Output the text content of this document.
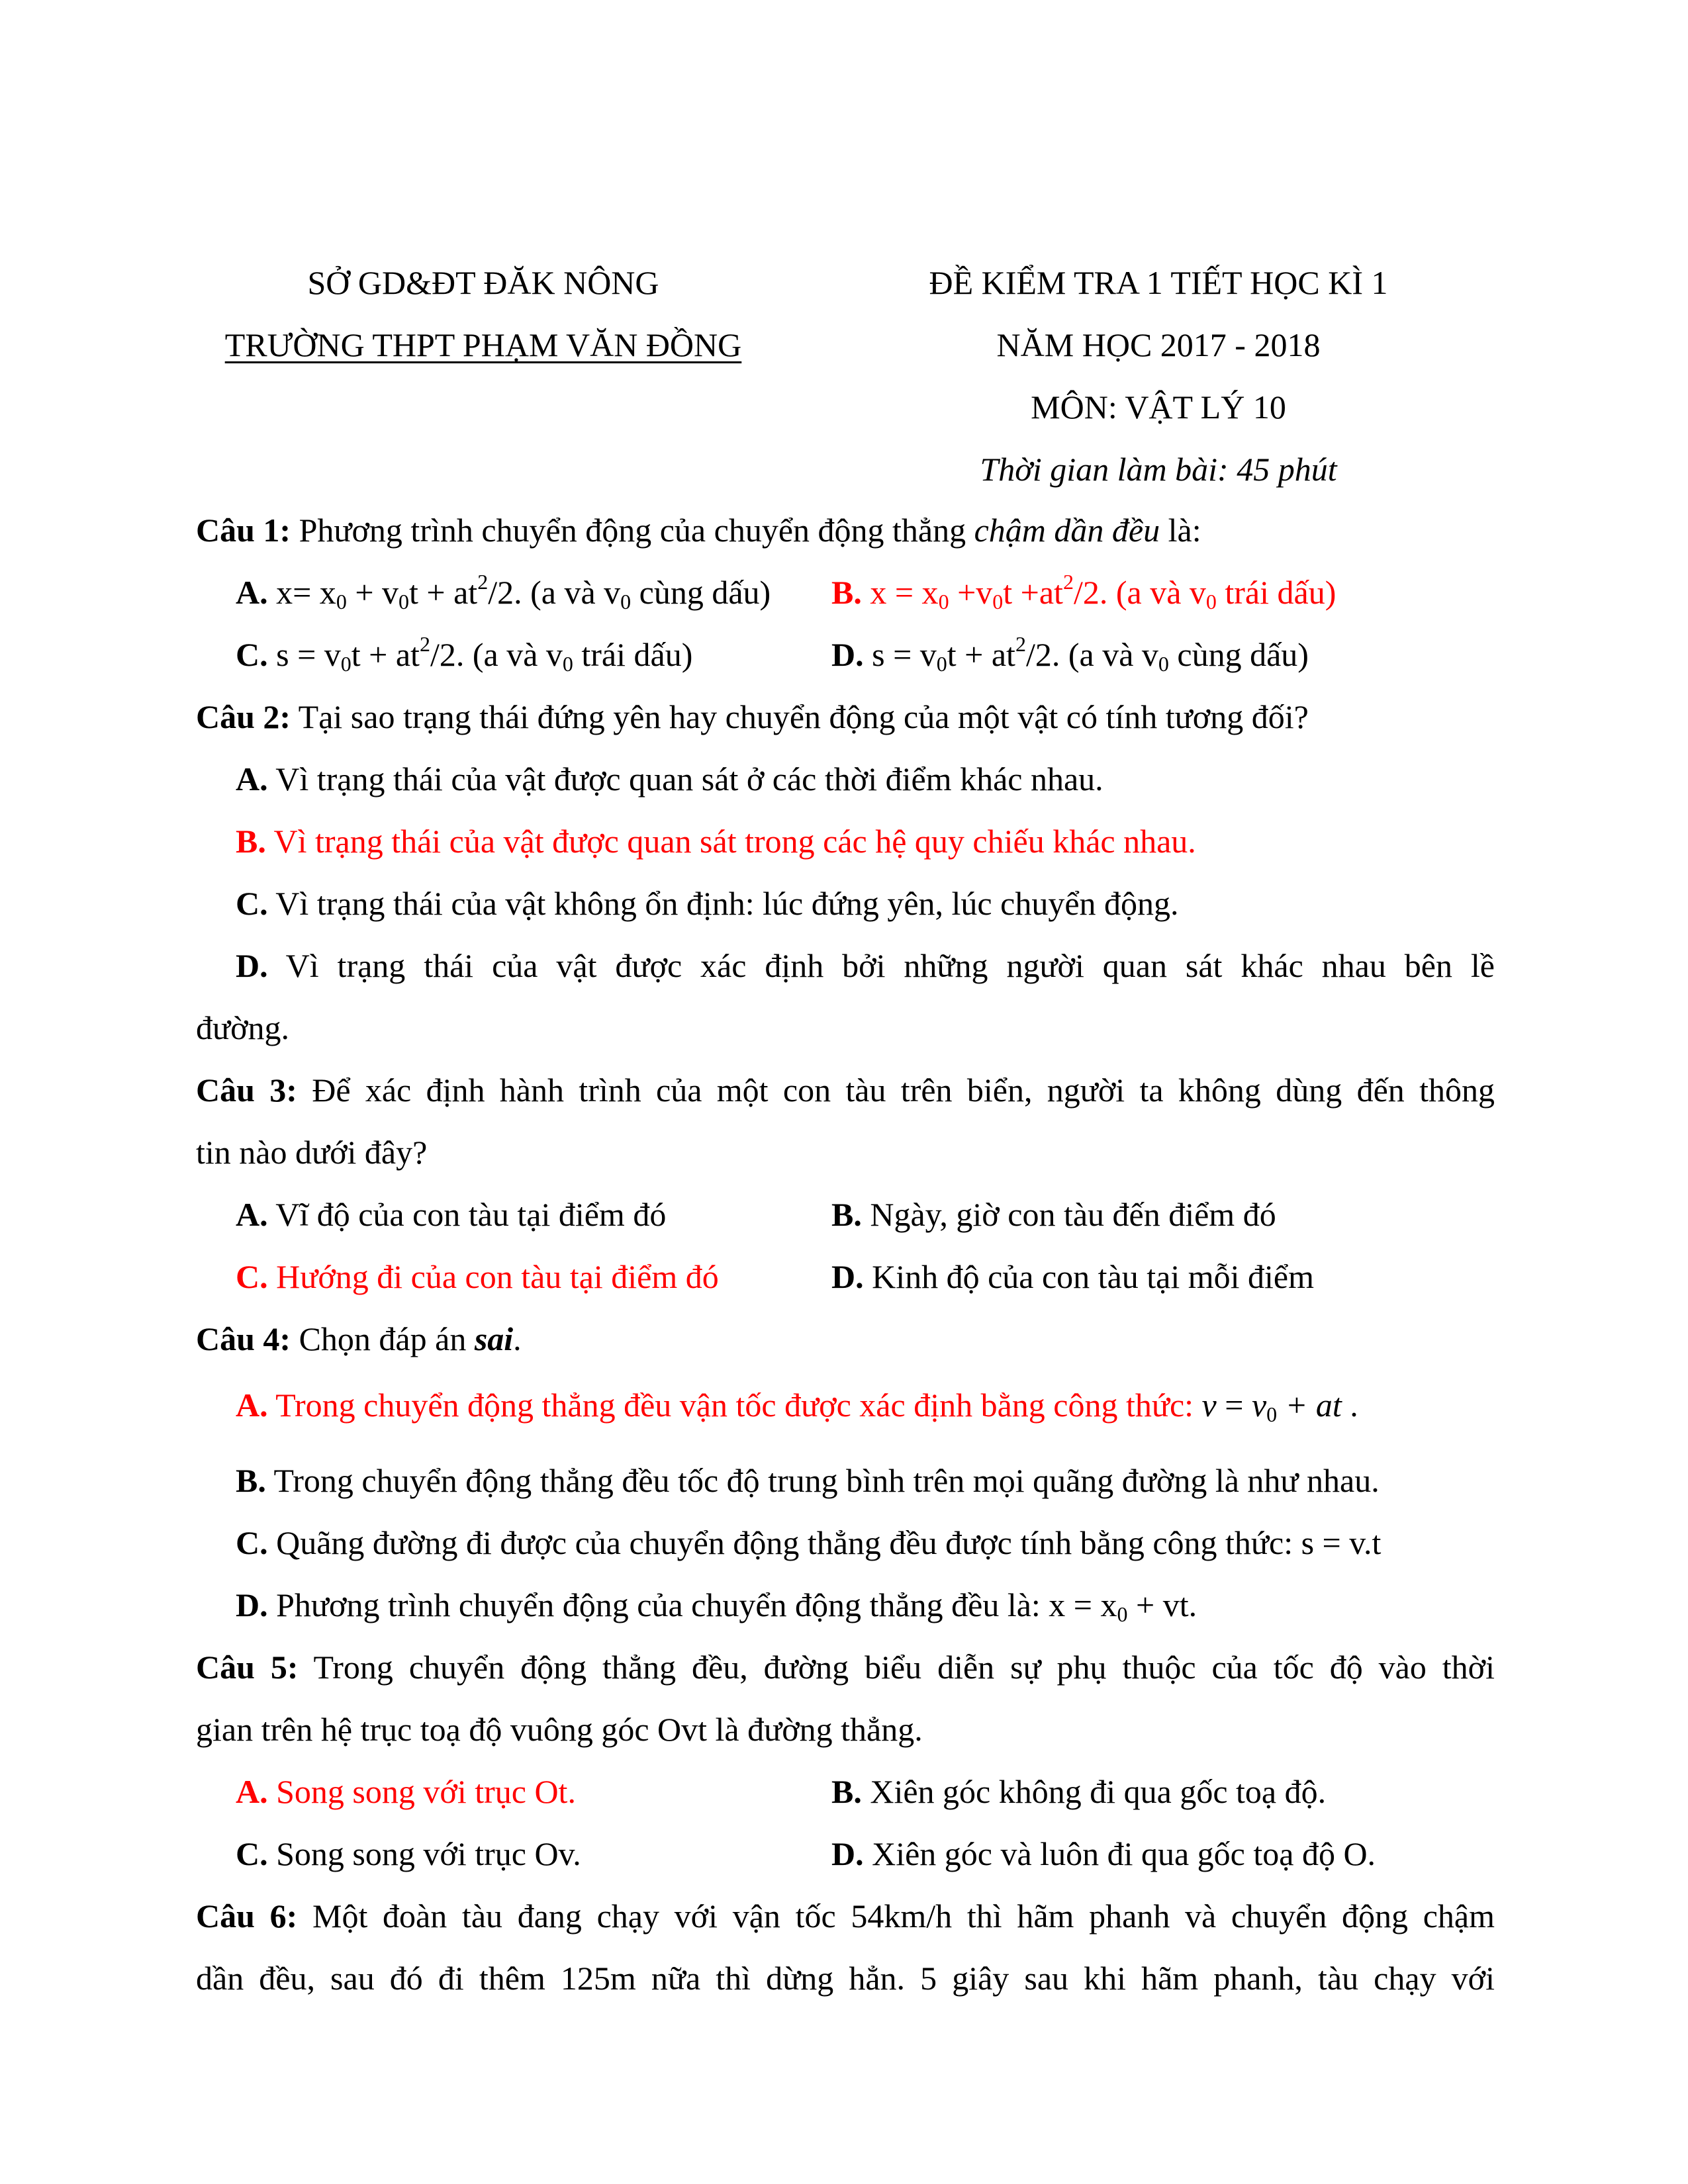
SỞ GD&ĐT ĐĂK NÔNG
TRƯỜNG THPT PHẠM VĂN ĐỒNG
ĐỀ KIỂM TRA 1 TIẾT HỌC KÌ 1
NĂM HỌC 2017 - 2018
MÔN: VẬT LÝ 10
Thời gian làm bài: 45 phút
Câu 1: Phương trình chuyển động của chuyển động thẳng chậm dần đều là:
A. $x= x_0 + v_0t + at^2/2$. (a và $v_0$ cùng dấu)	B. $x = x_0 +v_0t +at^2/2$. (a và $v_0$ trái dấu)
C. $s = v_0t + at^2/2$. (a và $v_0$ trái dấu)	D. $s = v_0t + at^2/2$. (a và $v_0$ cùng dấu)
Câu 2: Tại sao trạng thái đứng yên hay chuyển động của một vật có tính tương đối?
A. Vì trạng thái của vật được quan sát ở các thời điểm khác nhau.
B. Vì trạng thái của vật được quan sát trong các hệ quy chiếu khác nhau.
C. Vì trạng thái của vật không ổn định: lúc đứng yên, lúc chuyển động.
D. Vì trạng thái của vật được xác định bởi những người quan sát khác nhau bên lề
đường.
Câu 3: Để xác định hành trình của một con tàu trên biển, người ta không dùng đến thông
tin nào dưới đây?
A. Vĩ độ của con tàu tại điểm đó	B. Ngày, giờ con tàu đến điểm đó
C. Hướng đi của con tàu tại điểm đó	D. Kinh độ của con tàu tại mỗi điểm
Câu 4: Chọn đáp án sai.
A. Trong chuyển động thẳng đều vận tốc được xác định bằng công thức: v = v0 + at .
B. Trong chuyển động thẳng đều tốc độ trung bình trên mọi quãng đường là như nhau.
C. Quãng đường đi được của chuyển động thẳng đều được tính bằng công thức: s = v.t
D. Phương trình chuyển động của chuyển động thẳng đều là: $x = x_0$ + vt.
Câu 5: Trong chuyển động thẳng đều, đường biểu diễn sự phụ thuộc của tốc độ vào thời
gian trên hệ trục toạ độ vuông góc Ovt là đường thẳng.
A. Song song với trục Ot.	B. Xiên góc không đi qua gốc toạ độ.
C. Song song với trục Ov.	D. Xiên góc và luôn đi qua gốc toạ độ O.
Câu 6: Một đoàn tàu đang chạy với vận tốc 54km/h thì hãm phanh và chuyển động chậm
dần đều, sau đó đi thêm 125m nữa thì dừng hẳn. 5 giây sau khi hãm phanh, tàu chạy với
